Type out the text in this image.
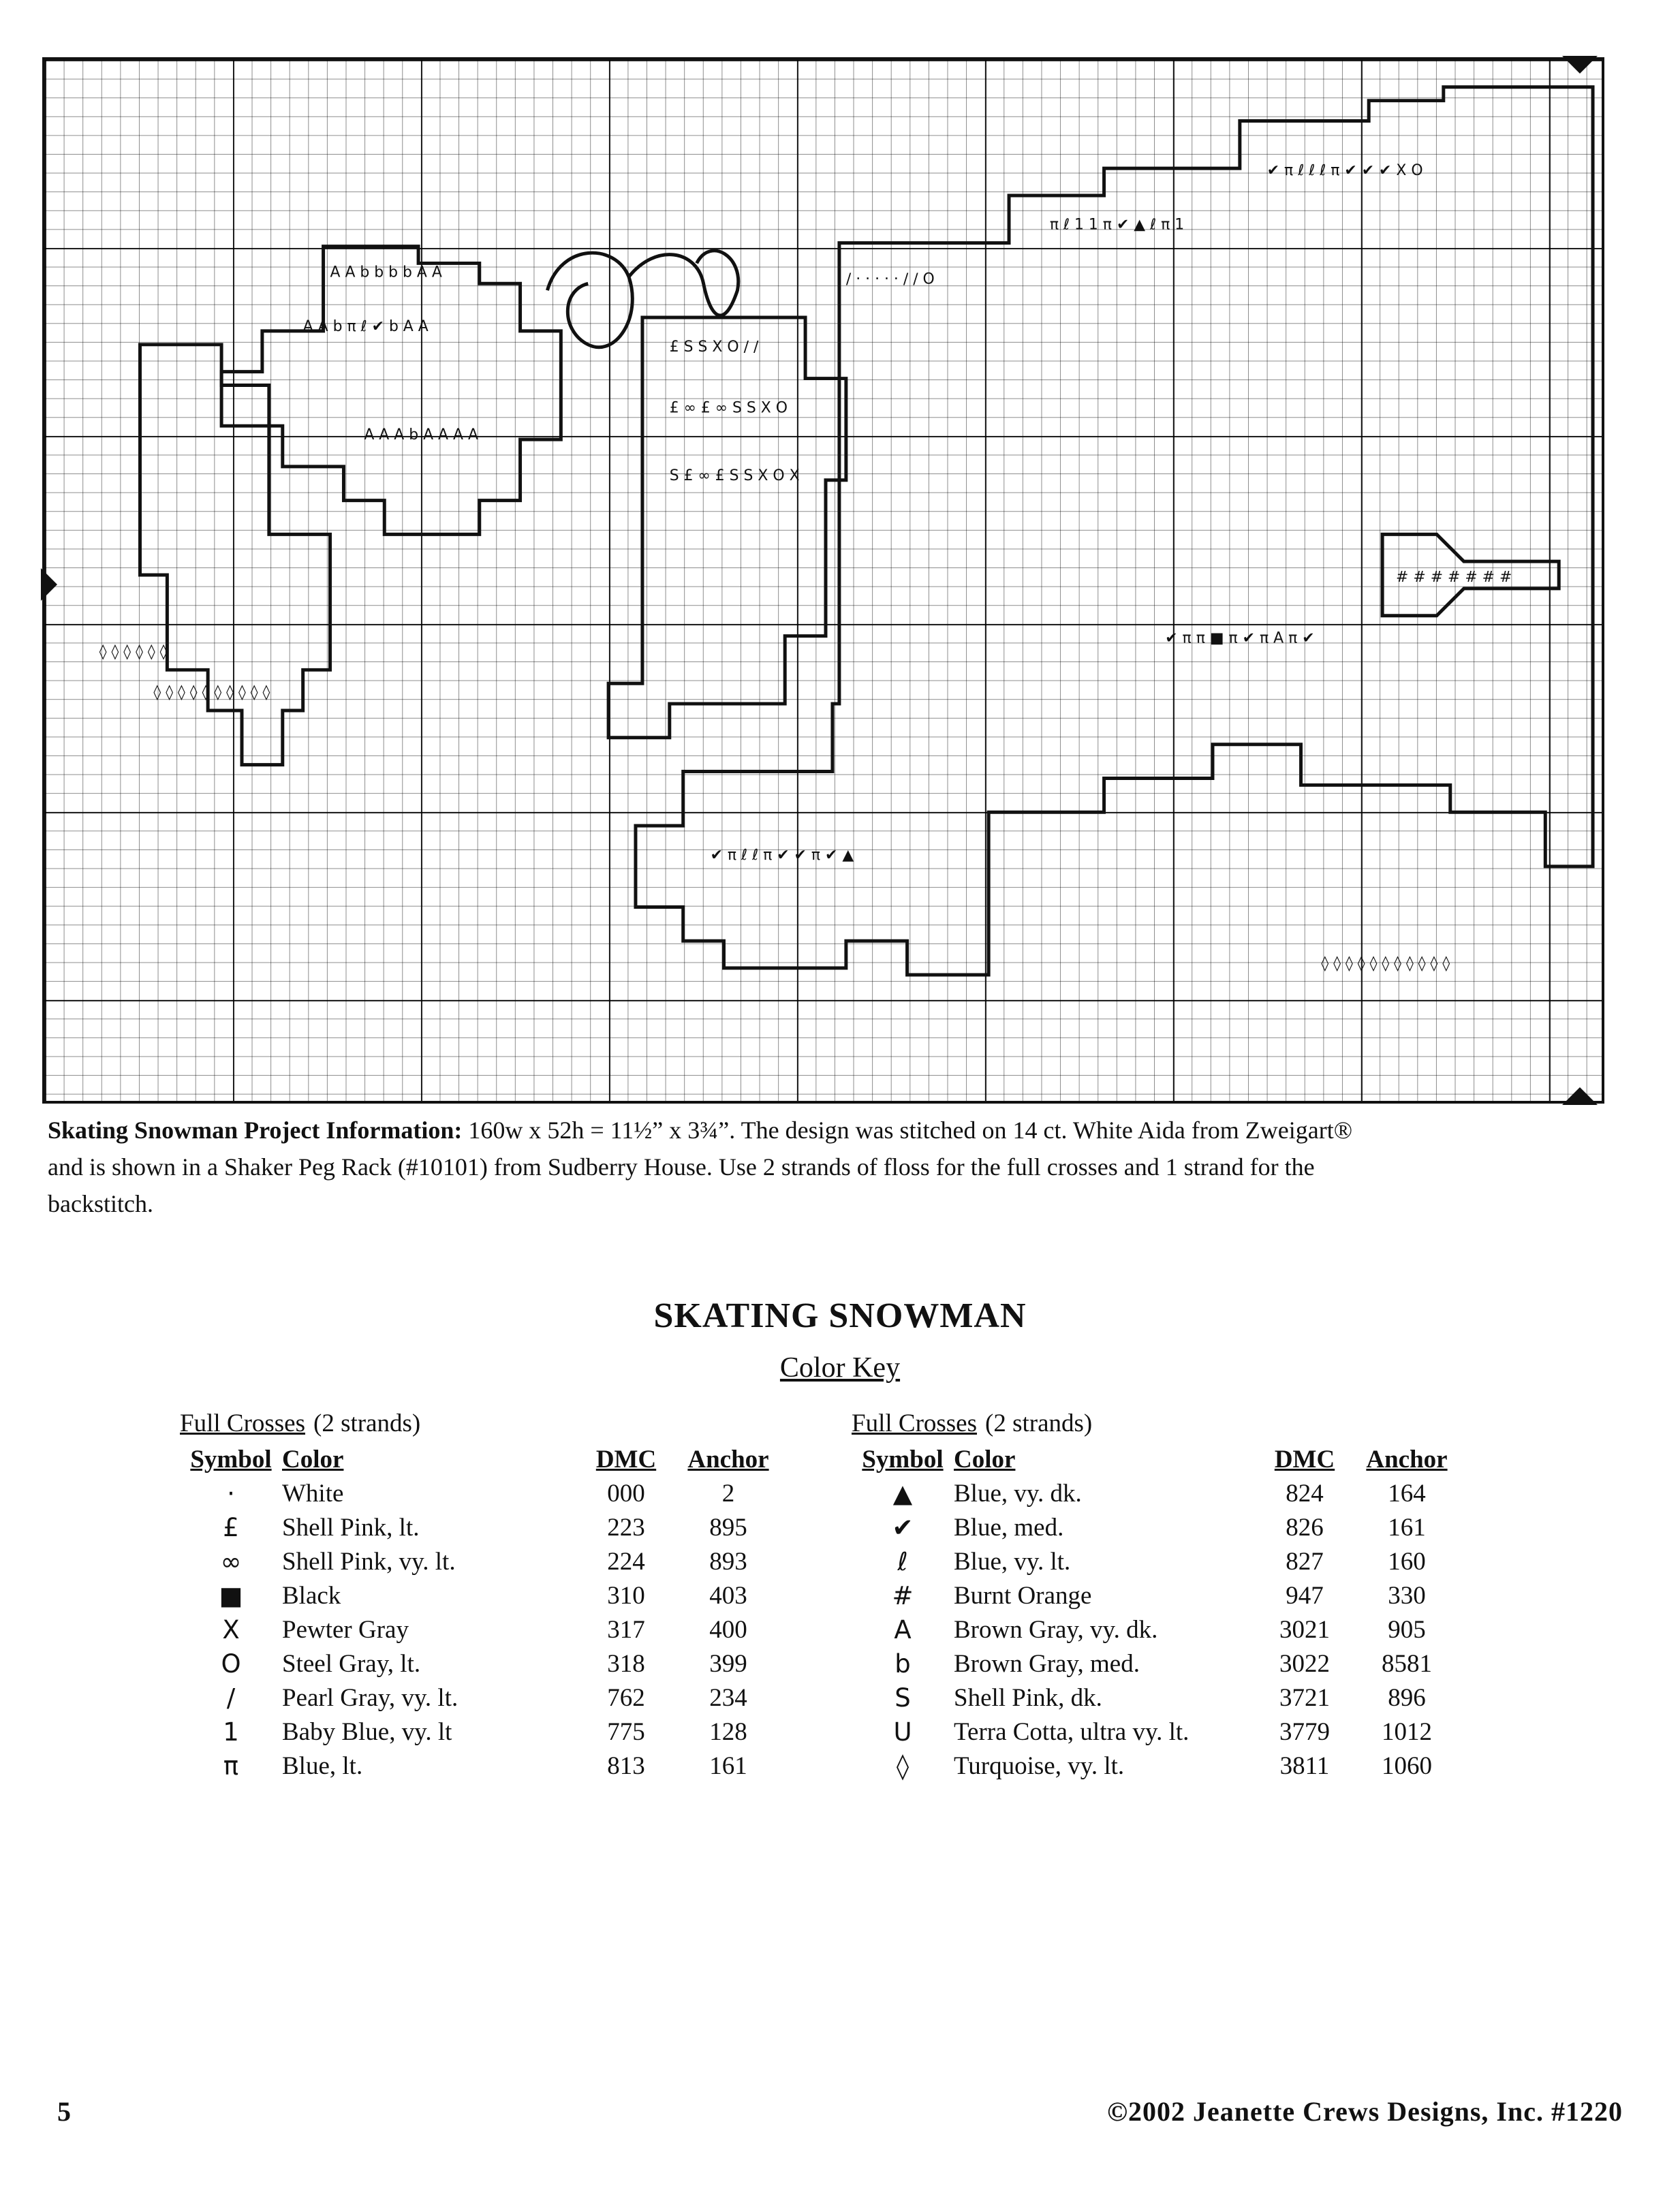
A A b b b b A A
A A b π ℓ ✔ b A A
A A A b A A A A
£ S S X O ∕ ∕
£ ∞ £ ∞ S S X O
S £ ∞ £ S S X O X
∕ · · · · · ∕ ∕ O
π ℓ 1 1 π ✔ ▲ ℓ π 1
✔ π ℓ ℓ ℓ π ✔ ✔ ✔ X O
✔ π π ■ π ✔ π A π ✔
✔ π ℓ ℓ π ✔ ✔ π ✔ ▲
# # # # # # #
◊ ◊ ◊ ◊ ◊ ◊
◊ ◊ ◊ ◊ ◊ ◊ ◊ ◊ ◊ ◊
◊ ◊ ◊ ◊ ◊ ◊ ◊ ◊ ◊ ◊ ◊
Skating Snowman Project Information: 160w x 52h = 11½” x 3¾”. The design was stitched on 14 ct. White Aida from Zweigart®
and is shown in a Shaker Peg Rack (#10101) from Sudberry House. Use 2 strands of floss for the full crosses and 1 strand for the
backstitch.
SKATING SNOWMAN
Color Key
Full Crosses (2 strands)
Symbol	Color	DMC	Anchor
·	White	000	2
£	Shell Pink, lt.	223	895
∞	Shell Pink, vy. lt.	224	893
■	Black	310	403
X	Pewter Gray	317	400
O	Steel Gray, lt.	318	399
∕	Pearl Gray, vy. lt.	762	234
1	Baby Blue, vy. lt	775	128
π	Blue, lt.	813	161
Full Crosses (2 strands)
Symbol	Color	DMC	Anchor
▲	Blue, vy. dk.	824	164
✔	Blue, med.	826	161
ℓ	Blue, vy. lt.	827	160
#	Burnt Orange	947	330
A	Brown Gray, vy. dk.	3021	905
b	Brown Gray, med.	3022	8581
S	Shell Pink, dk.	3721	896
U	Terra Cotta, ultra vy. lt.	3779	1012
◊	Turquoise, vy. lt.	3811	1060
5	©2002 Jeanette Crews Designs, Inc. #1220
